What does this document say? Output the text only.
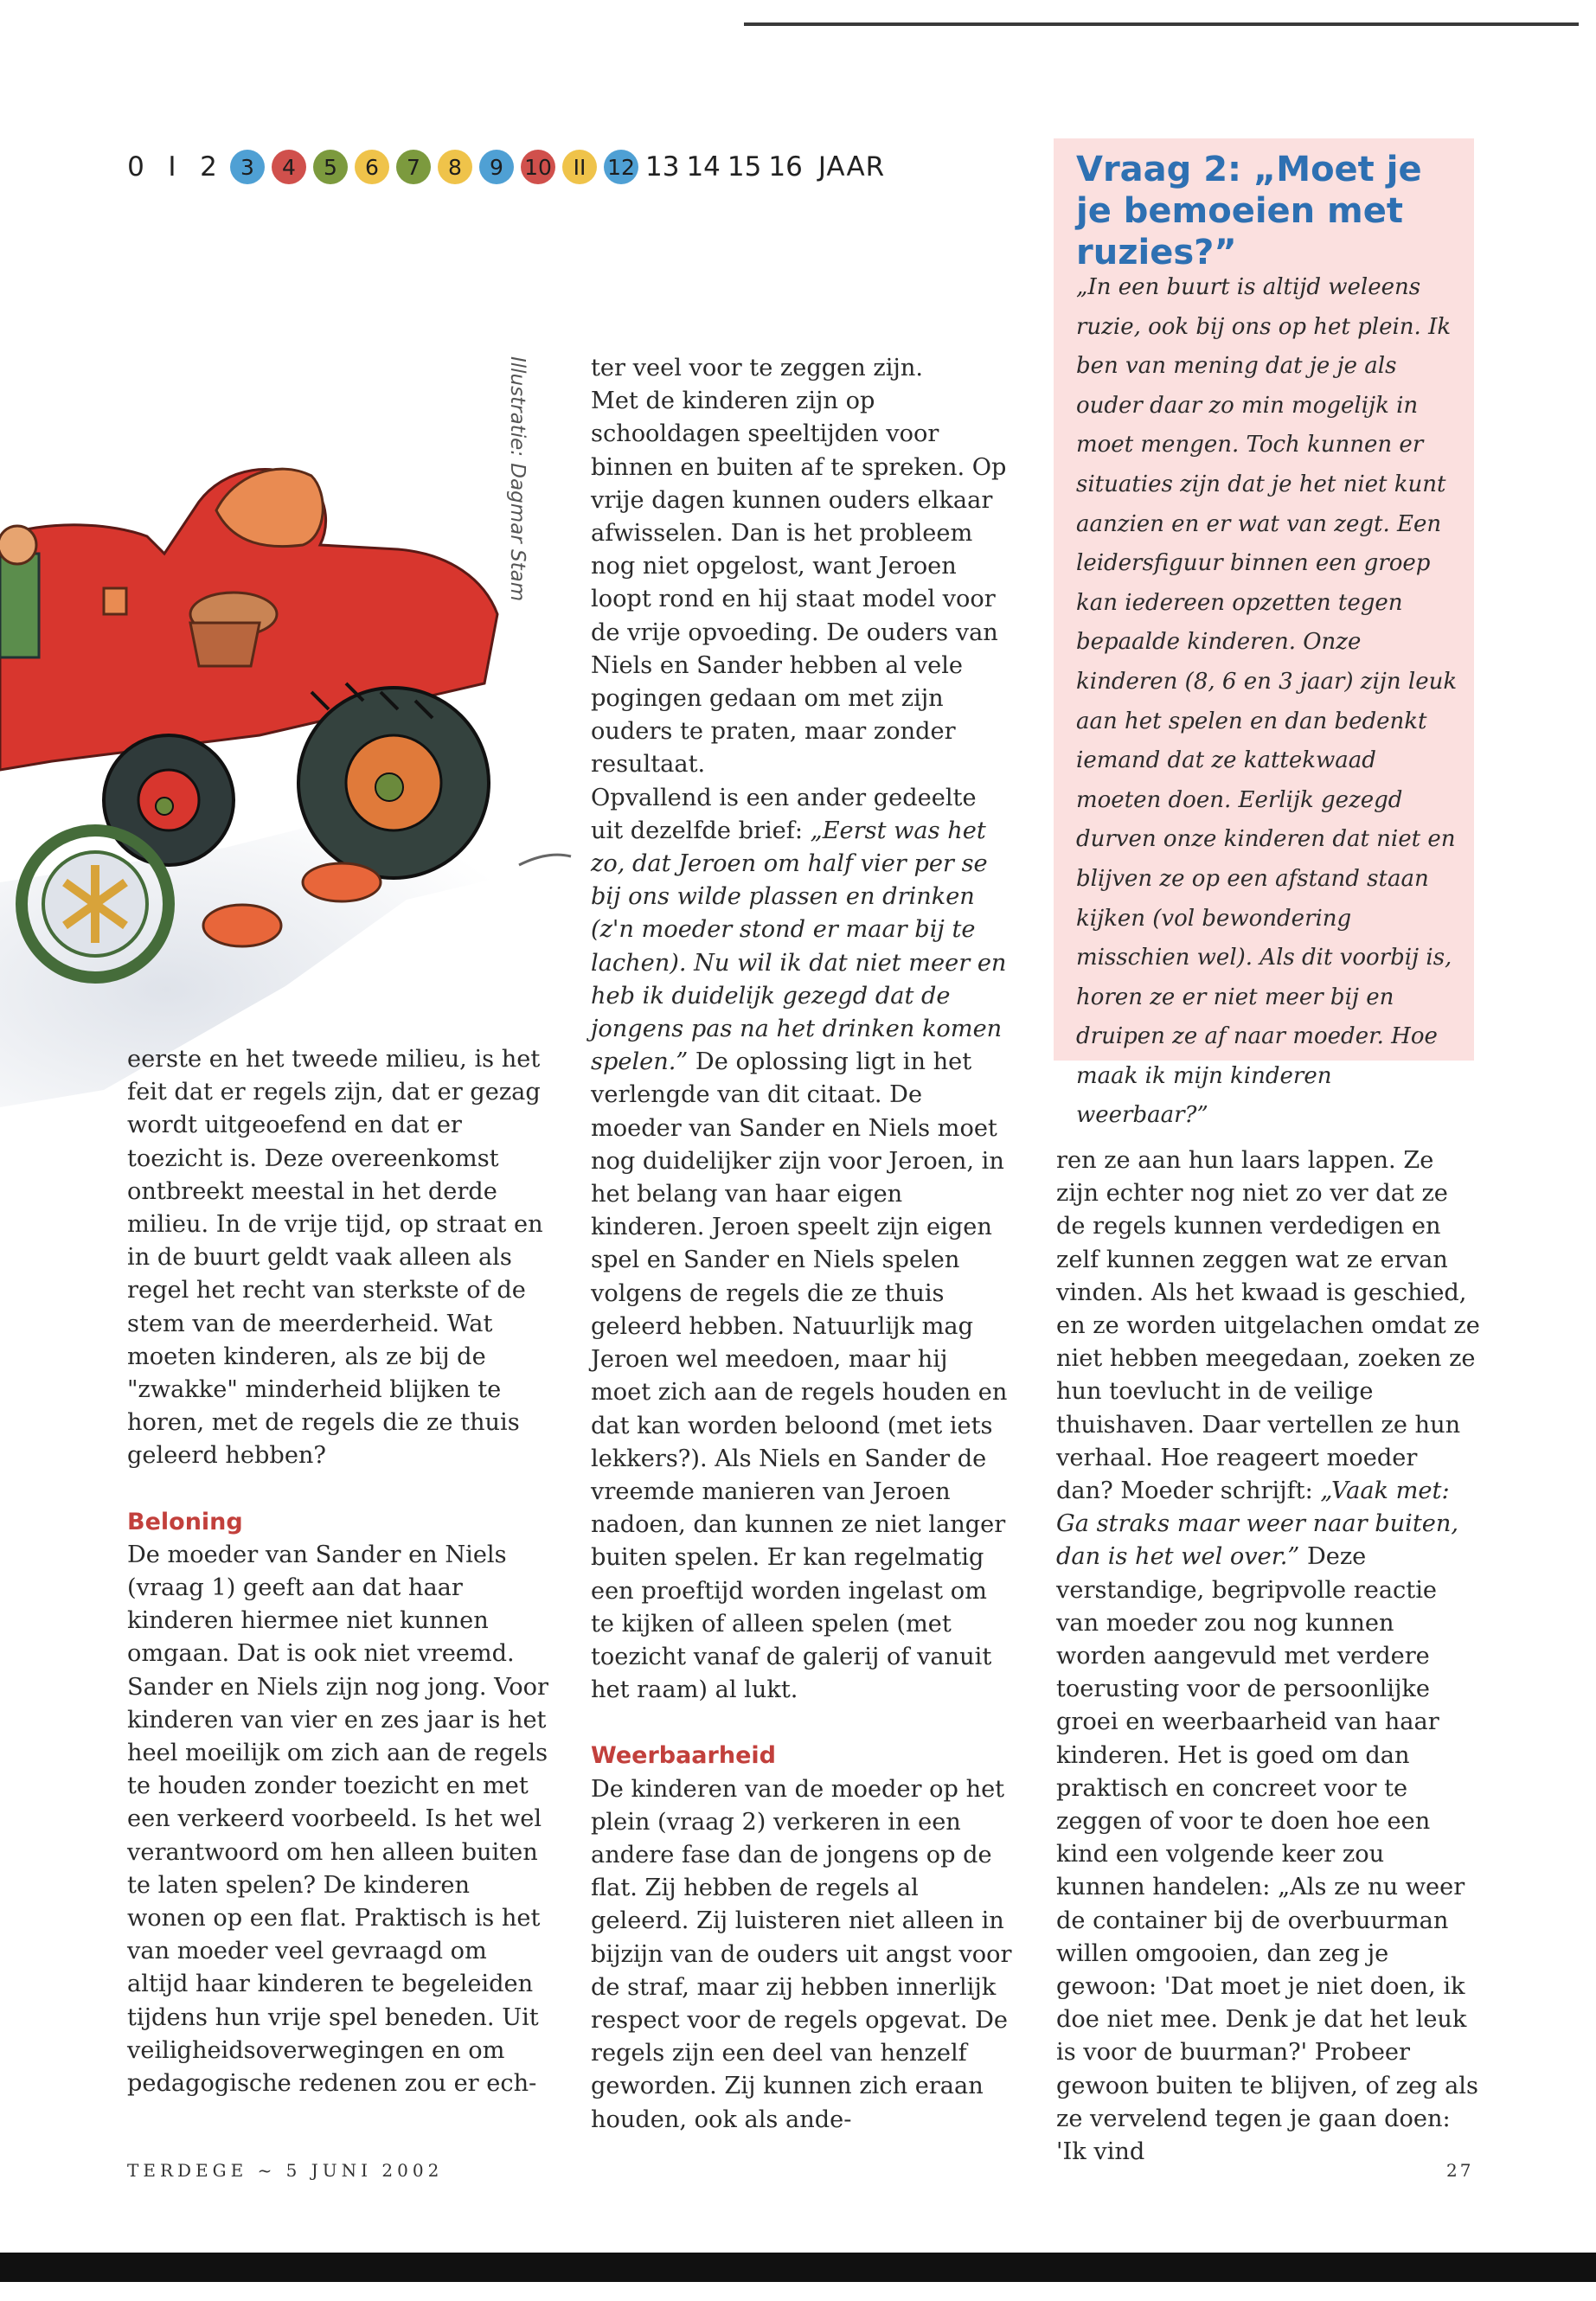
0 I 2	3	4	5	6	7	8	9 10 II 12 13 14 15 16 JAAR	Vraag 2: „Moet je je bemoeien met ruzies?”

„In een buurt is altijd weleens ruzie, ook bij ons op het plein. Ik ben van mening dat je je als ouder daar zo min mogelijk in moet mengen. Toch kunnen er situaties zijn dat je het niet kunt aanzien en er wat van zegt. Een leidersfiguur binnen een groep kan iedereen opzetten tegen bepaalde kinderen. Onze kinderen (8, 6 en 3 jaar) zijn leuk aan het spelen en dan bedenkt iemand dat ze kattekwaad moeten doen. Eerlijk gezegd durven onze kinderen dat niet en blijven ze op een afstand staan kijken (vol bewondering misschien wel). Als dit voorbij is, horen ze er niet meer bij en druipen ze af naar moeder. Hoe maak ik mijn kinderen weerbaar?”

Illustratie: Dagmar Stam

eerste en het tweede milieu, is het feit dat er regels zijn, dat er gezag wordt uitgeoefend en dat er toezicht is. Deze overeenkomst ontbreekt meestal in het derde milieu. In de vrije tijd, op straat en in de buurt geldt vaak alleen als regel het recht van sterkste of de stem van de meerderheid. Wat moeten kinderen, als ze bij de "zwakke" minderheid blijken te horen, met de regels die ze thuis geleerd hebben?

Beloning

De moeder van Sander en Niels (vraag 1) geeft aan dat haar kinderen hiermee niet kunnen omgaan. Dat is ook niet vreemd. Sander en Niels zijn nog jong. Voor kinderen van vier en zes jaar is het heel moeilijk om zich aan de regels te houden zonder toezicht en met een verkeerd voorbeeld. Is het wel verantwoord om hen alleen buiten te laten spelen? De kinderen wonen op een flat. Praktisch is het van moeder veel gevraagd om altijd haar kinderen te begeleiden tijdens hun vrije spel beneden. Uit veiligheidsoverwegingen en om pedagogische redenen zou er ech-

ter veel voor te zeggen zijn.

Met de kinderen zijn op schooldagen speeltijden voor binnen en buiten af te spreken. Op vrije dagen kunnen ouders elkaar afwisselen. Dan is het probleem nog niet opgelost, want Jeroen loopt rond en hij staat model voor de vrije opvoeding. De ouders van Niels en Sander hebben al vele pogingen gedaan om met zijn ouders te praten, maar zonder resultaat.

Opvallend is een ander gedeelte uit dezelfde brief: „Eerst was het zo, dat Jeroen om half vier per se bij ons wilde plassen en drinken (z'n moeder stond er maar bij te lachen). Nu wil ik dat niet meer en heb ik duidelijk gezegd dat de jongens pas na het drinken komen spelen.” De oplossing ligt in het verlengde van dit citaat. De moeder van Sander en Niels moet nog duidelijker zijn voor Jeroen, in het belang van haar eigen kinderen. Jeroen speelt zijn eigen spel en Sander en Niels spelen volgens de regels die ze thuis geleerd hebben. Natuurlijk mag Jeroen wel meedoen, maar hij moet zich aan de regels houden en dat kan worden beloond (met iets lekkers?). Als Niels en Sander de vreemde manieren van Jeroen nadoen, dan kunnen ze niet langer buiten spelen. Er kan regelmatig een proeftijd worden ingelast om te kijken of alleen spelen (met toezicht vanaf de galerij of vanuit het raam) al lukt.

Weerbaarheid

De kinderen van de moeder op het plein (vraag 2) verkeren in een andere fase dan de jongens op de flat. Zij hebben de regels al geleerd. Zij luisteren niet alleen in bijzijn van de ouders uit angst voor de straf, maar zij hebben innerlijk respect voor de regels opgevat. De regels zijn een deel van henzelf geworden. Zij kunnen zich eraan houden, ook als ande-

ren ze aan hun laars lappen. Ze zijn echter nog niet zo ver dat ze de regels kunnen verdedigen en zelf kunnen zeggen wat ze ervan vinden. Als het kwaad is geschied, en ze worden uitgelachen omdat ze niet hebben meegedaan, zoeken ze hun toevlucht in de veilige thuishaven. Daar vertellen ze hun verhaal. Hoe reageert moeder dan? Moeder schrijft: „Vaak met: Ga straks maar weer naar buiten, dan is het wel over.” Deze verstandige, begripvolle reactie van moeder zou nog kunnen worden aangevuld met verdere toerusting voor de persoonlijke groei en weerbaarheid van haar kinderen. Het is goed om dan praktisch en concreet voor te zeggen of voor te doen hoe een kind een volgende keer zou kunnen handelen: „Als ze nu weer de container bij de overbuurman willen omgooien, dan zeg je gewoon: 'Dat moet je niet doen, ik doe niet mee. Denk je dat het leuk is voor de buurman?' Probeer gewoon buiten te blijven, of zeg als ze vervelend tegen je gaan doen: 'Ik vind

TERDEGE ~ 5 JUNI 2002	27
